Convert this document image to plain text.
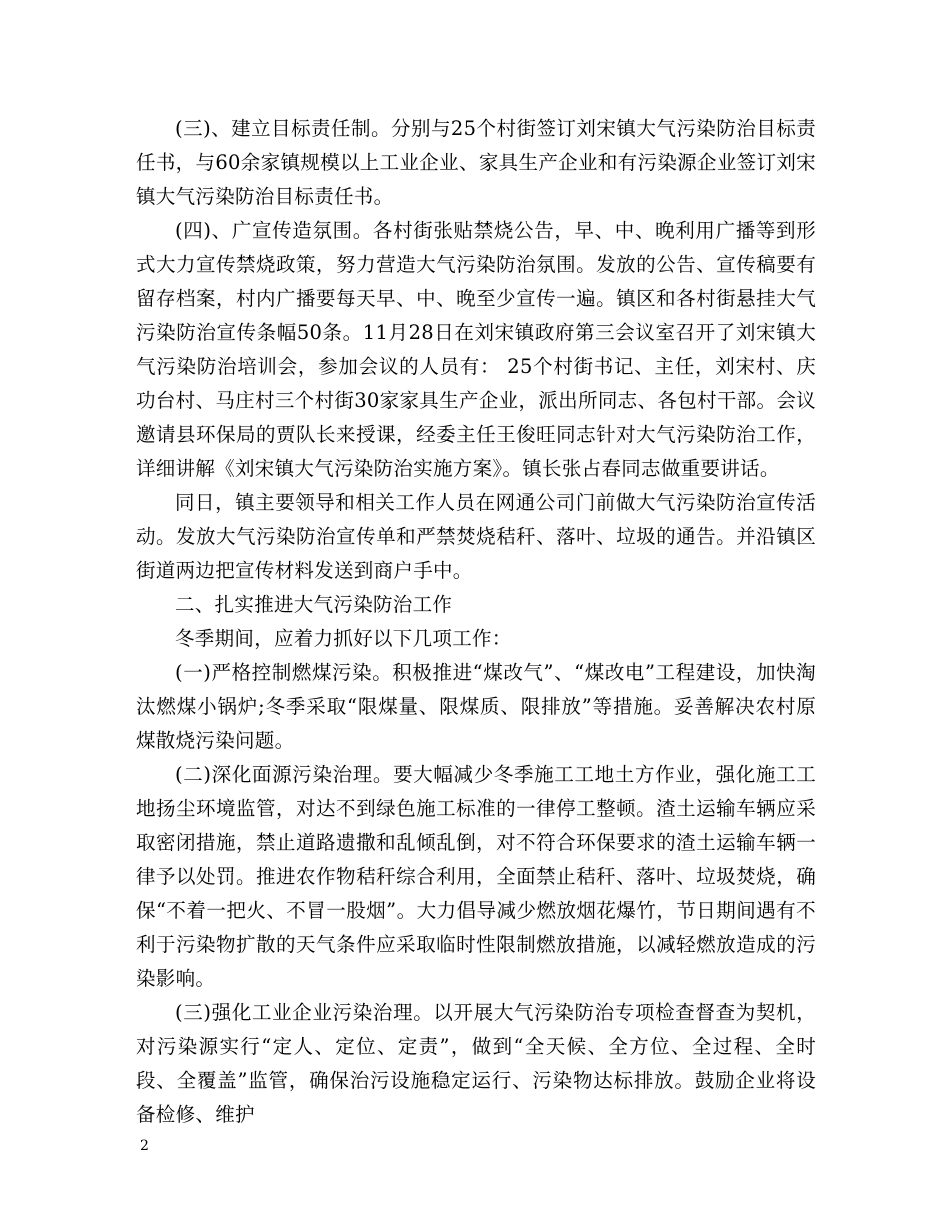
(三)、建立目标责任制。分别与25个村街签订刘宋镇大气污染防治目标责任书，与60余家镇规模以上工业企业、家具生产企业和有污染源企业签订刘宋镇大气污染防治目标责任书。

(四)、广宣传造氛围。各村街张贴禁烧公告，早、中、晚利用广播等到形式大力宣传禁烧政策，努力营造大气污染防治氛围。发放的公告、宣传稿要有留存档案，村内广播要每天早、中、晚至少宣传一遍。镇区和各村街悬挂大气污染防治宣传条幅50条。11月28日在刘宋镇政府第三会议室召开了刘宋镇大气污染防治培训会，参加会议的人员有： 25个村街书记、主任，刘宋村、庆功台村、马庄村三个村街30家家具生产企业，派出所同志、各包村干部。会议邀请县环保局的贾队长来授课，经委主任王俊旺同志针对大气污染防治工作，详细讲解《刘宋镇大气污染防治实施方案》。镇长张占春同志做重要讲话。

同日，镇主要领导和相关工作人员在网通公司门前做大气污染防治宣传活动。发放大气污染防治宣传单和严禁焚烧秸秆、落叶、垃圾的通告。并沿镇区街道两边把宣传材料发送到商户手中。

二、扎实推进大气污染防治工作

冬季期间，应着力抓好以下几项工作：

(一)严格控制燃煤污染。积极推进“煤改气”、“煤改电”工程建设，加快淘汰燃煤小锅炉;冬季采取“限煤量、限煤质、限排放”等措施。妥善解决农村原煤散烧污染问题。

(二)深化面源污染治理。要大幅减少冬季施工工地土方作业，强化施工工地扬尘环境监管，对达不到绿色施工标准的一律停工整顿。渣土运输车辆应采取密闭措施，禁止道路遗撒和乱倾乱倒，对不符合环保要求的渣土运输车辆一律予以处罚。推进农作物秸秆综合利用，全面禁止秸秆、落叶、垃圾焚烧，确保“不着一把火、不冒一股烟”。大力倡导减少燃放烟花爆竹，节日期间遇有不利于污染物扩散的天气条件应采取临时性限制燃放措施，以减轻燃放造成的污染影响。

(三)强化工业企业污染治理。以开展大气污染防治专项检查督查为契机，对污染源实行“定人、定位、定责”，做到“全天候、全方位、全过程、全时段、全覆盖”监管，确保治污设施稳定运行、污染物达标排放。鼓励企业将设备检修、维护

2
